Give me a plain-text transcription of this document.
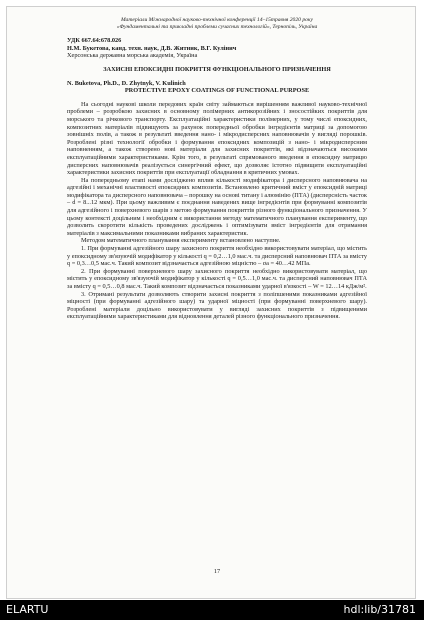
Матеріали Міжнародної науково-технічної конференції 14–15травня 2020 року
«Фундаментальні та прикладні проблеми сучасних технологій», Тернопіль, Україна
УДК 667.64:678.026
Н.М. Букетова, канд. техн. наук, Д.В. Житник, В.Г. Кулінич
Херсонська державна морська академія, Україна
ЗАХИСНІ ЕПОКСИДНІ ПОКРИТТЯ ФУНКЦІОНАЛЬНОГО ПРИЗНАЧЕННЯ
N. Buketova, Ph.D., D. Zhytnyk, V. Kulinich
PROTECTIVE EPOXY COATINGS OF FUNCTIONAL PURPOSE

На сьогодні наукові школи передових країн світу займаються вирішенням важливої науково-технічної проблеми – розробкою захисних в основному полімерних антикорозійних і зносостійких покриттів для морського та річкового транспорту. Експлуатаційні характеристики полімерних, у тому числі епоксидних, композитних матеріалів підвищують за рахунок попередньої обробки інгредієнтів матриці за допомогою зовнішніх полів, а також в результаті введення нано- і мікродисперсних наповнювачів у вигляді порошків. Розроблені різні технології обробки і формування епоксидних композицій з нано- і мікродисперсним наповненням, а також створено нові матеріали для захисних покриттів, які відзначаються високими експлуатаційними характеристиками. Крім того, в результаті спрямованого введення в епоксидну матрицю дисперсних наповнювачів реалізується синергічний ефект, що дозволяє істотно підвищити експлуатаційні характеристики захисних покриттів при експлуатації обладнання в критичних умовах.

На попередньому етапі нами досліджено вплив кількості модифікатора і дисперсного наповнювача на адгезійні і механічні властивості епоксидних композитів. Встановлено критичний вміст у епоксидній матриці модифікатора та дисперсного наповнювача – порошку на основі титану і алюмінію (ПТА) (дисперсність часток – d = 8...12 мкм). При цьому важливим є поєднання наведених вище інгредієнтів при формуванні композитів для адгезійного і поверхневого шарів з метою формування покриттів різного функціонального призначення. У цьому контексті доцільним і необхідним є використання методу математичного планування експерименту, що дозволить скоротити кількість проведених досліджень і оптимізувати вміст інгредієнтів для отримання матеріалів з максимальними показниками вибраних характеристик.

Методом математичного планування експерименту встановлено наступне.

1. При формуванні адгезійного шару захисного покриття необхідно використовувати матеріал, що містить у епоксидному зв'язуючій модифікатор у кількості q = 0,2…1,0 мас.ч. та дисперсний наповнювач ПТА за вмісту q = 0,3…0,5 мас.ч. Такий композит відзначається адгезійною міцністю – σa = 40…42 МПа.

2. При формуванні поверхневого шару захисного покриття необхідно використовувати матеріал, що містить у епоксидному зв'язуючій модифікатор у кількості q = 0,5…1,0 мас.ч. та дисперсний наповнювач ПТА за вмісту q = 0,5…0,8 мас.ч. Такий композит відзначається показниками ударної в'язкості – W = 12…14 кДж/м².

3. Отримані результати дозволяють створити захисні покриття з поліпшеними показниками адгезійної міцності (при формуванні адгезійного шару) та ударної міцності (при формуванні поверхневого шару). Розроблені матеріали доцільно використовувати у вигляді захисних покриттів з підвищеними експлуатаційними характеристиками для відновлення деталей різного функціонального призначення.

17
ELARTU	hdl:lib/31781
